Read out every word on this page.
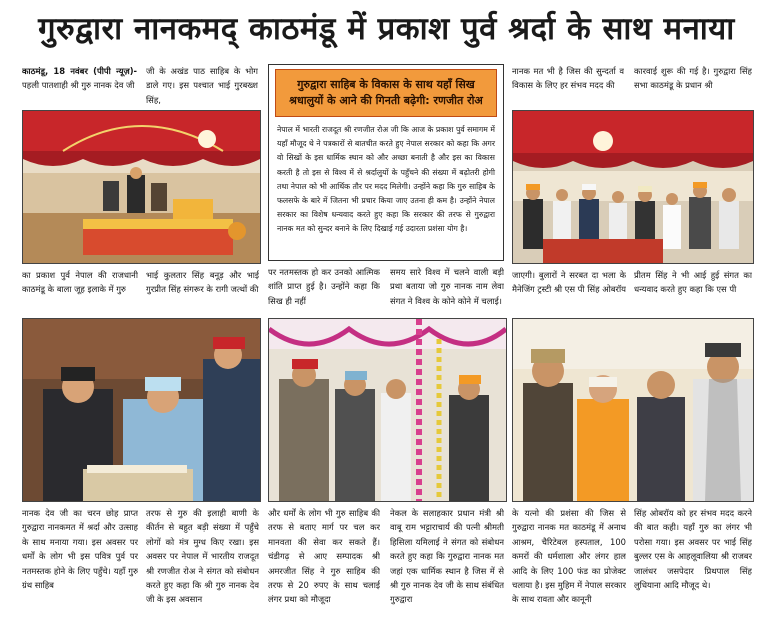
गुरुद्वारा नानकमद् काठमंडू में प्रकाश पुर्व श्रर्दा के साथ मनाया
काठमंडू, 18 नवंबर (पीपी न्यूज़)- पहली पातशाही श्री गुरु नानक देव जी
जी के अखंड पाठ साहिब के भोग डाले गए। इस पश्चात भाई गुरबख्श सिंह,
नानक मत भी है जिस की सुन्दर्ता व विकास के लिए हर संभव मदद की
कारवाई शुरू की गई है। गुरुद्वारा सिंह सभा काठमंडू के प्रधान श्री
गुरुद्वारा साहिब के विकास के साथ यहाँ सिख श्रधालुयों के आने की गिनती बढ़ेगी: रणजीत रोअ
नेपाल में भारती राजदूत श्री रणजीत रोअ जी कि आज के प्रकाश पुर्व समागम में यहाँ मौजूद थे ने पत्रकारों से बातचीत करते हुए नेपाल सरकार को कहा कि अगर वो सिखों के इस धार्मिक स्थान को और अच्छा बनाती है और इस का विकास करती है तो इस से विश्व में से श्रर्दालुयों के पहुँचने की संख्या में बढ़ोतरी होगी तथा नेपाल को भी आर्थिक तौर पर मदद मिलेगी। उन्होंने कहा कि गुरु साहिब के फलसफे के बारे में जितना भी प्रचार किया जाए उतना ही कम है। उन्होंने नेपाल सरकार का विशेष धन्यवाद करते हुए कहा कि सरकार की तरफ से गुरुद्वारा नानक मत को सुन्दर बनाने के लिए दिखाई गई उदारता प्रशंसा योग है।
का प्रकाश पुर्व नेपाल की राजधानी काठमंडू के बाला जूह इलाके में गुरु
भाई कुलतार सिंह बनूड़ और भाई गुरप्रीत सिंह संगरूर के रागी जत्थों की
पर नतमस्तक हो कर उनको आत्मिक शांति प्राप्त हुई है। उन्होंने कहा कि सिख ही नहीं
समय सारे विश्व में चलने वाली बड़ी प्रथा बताया जो गुरु नानक नाम लेवा संगत ने विश्व के कोने कोने में चलाई।
जाएगी। बुलारों ने सरबत दा भला के मैनेजिंग ट्रस्टी श्री एस पी सिंह ओबरॉय
प्रीतम सिंह ने भी आई हुई संगत का धन्यवाद करते हुए कहा कि एस पी
नानक देव जी का चरन छोह प्राप्त गुरुद्वारा नानकमत में श्रर्दा और उत्साह के साथ मनाया गया। इस अवसर पर धर्मों के लोग भी इस पवित्र पुर्व पर नतमस्तक होने के लिए पहुँचे। यहाँ गुरु ग्रंथ साहिब
तरफ से गुरु की इलाही बाणी के कीर्तन से बहुत बड़ी संख्या में पहुँचे लोगों को मंत्र मुग्ध किए रखा। इस अवसर पर नेपाल में भारतीय राजदूत श्री रणजीत रोअ ने संगत को संबोधन करते हुए कहा कि श्री गुरु नानक देव जी के इस अवसान
और धर्मों के लोग भी गुरु साहिब की तरफ से बताए मार्ग पर चल कर मानवता की सेवा कर सकते हैं। चंडीगढ़ से आए सम्पादक श्री अमरजीत सिंह ने गुरु साहिब की तरफ से 20 रुपए के साथ चलाई लंगर प्रथा को मौजूदा
नेकल के सलाहकार प्रधान मंत्री श्री वाबू राम भट्टाराचार्य की पत्नी श्रीमती हिसिला यमिलाई ने संगत को संबोधन करते हुए कहा कि गुरुद्वारा नानक मत जहां एक धार्मिक स्थान है जिस में से श्री गुरु नानक देव जी के साथ संबंधित गुरुद्वारा
के यत्नो की प्रशंसा की जिस से गुरुद्वारा नानक मत काठमंडू में अनाथ आश्रम, चैरिटेबल हस्पताल, 100 कमरों की धर्मशाला और लंगर हाल आदि के लिए 100 फंड का प्रोजेक्ट चलाया है। इस मुहिम में नेपाल सरकार के साथ रावता और कानूनी
सिंह ओबरॉय को हर संभव मदद करने की बात कही। यहाँ गुरु का लंगर भी परोसा गया। इस अवसर पर भाई सिंह बुल्लर एस के आहलूवालिया श्री राजबर जालंधर जसपेदार प्रिथपाल सिंह लुधियाना आदि मौजूद थे।
